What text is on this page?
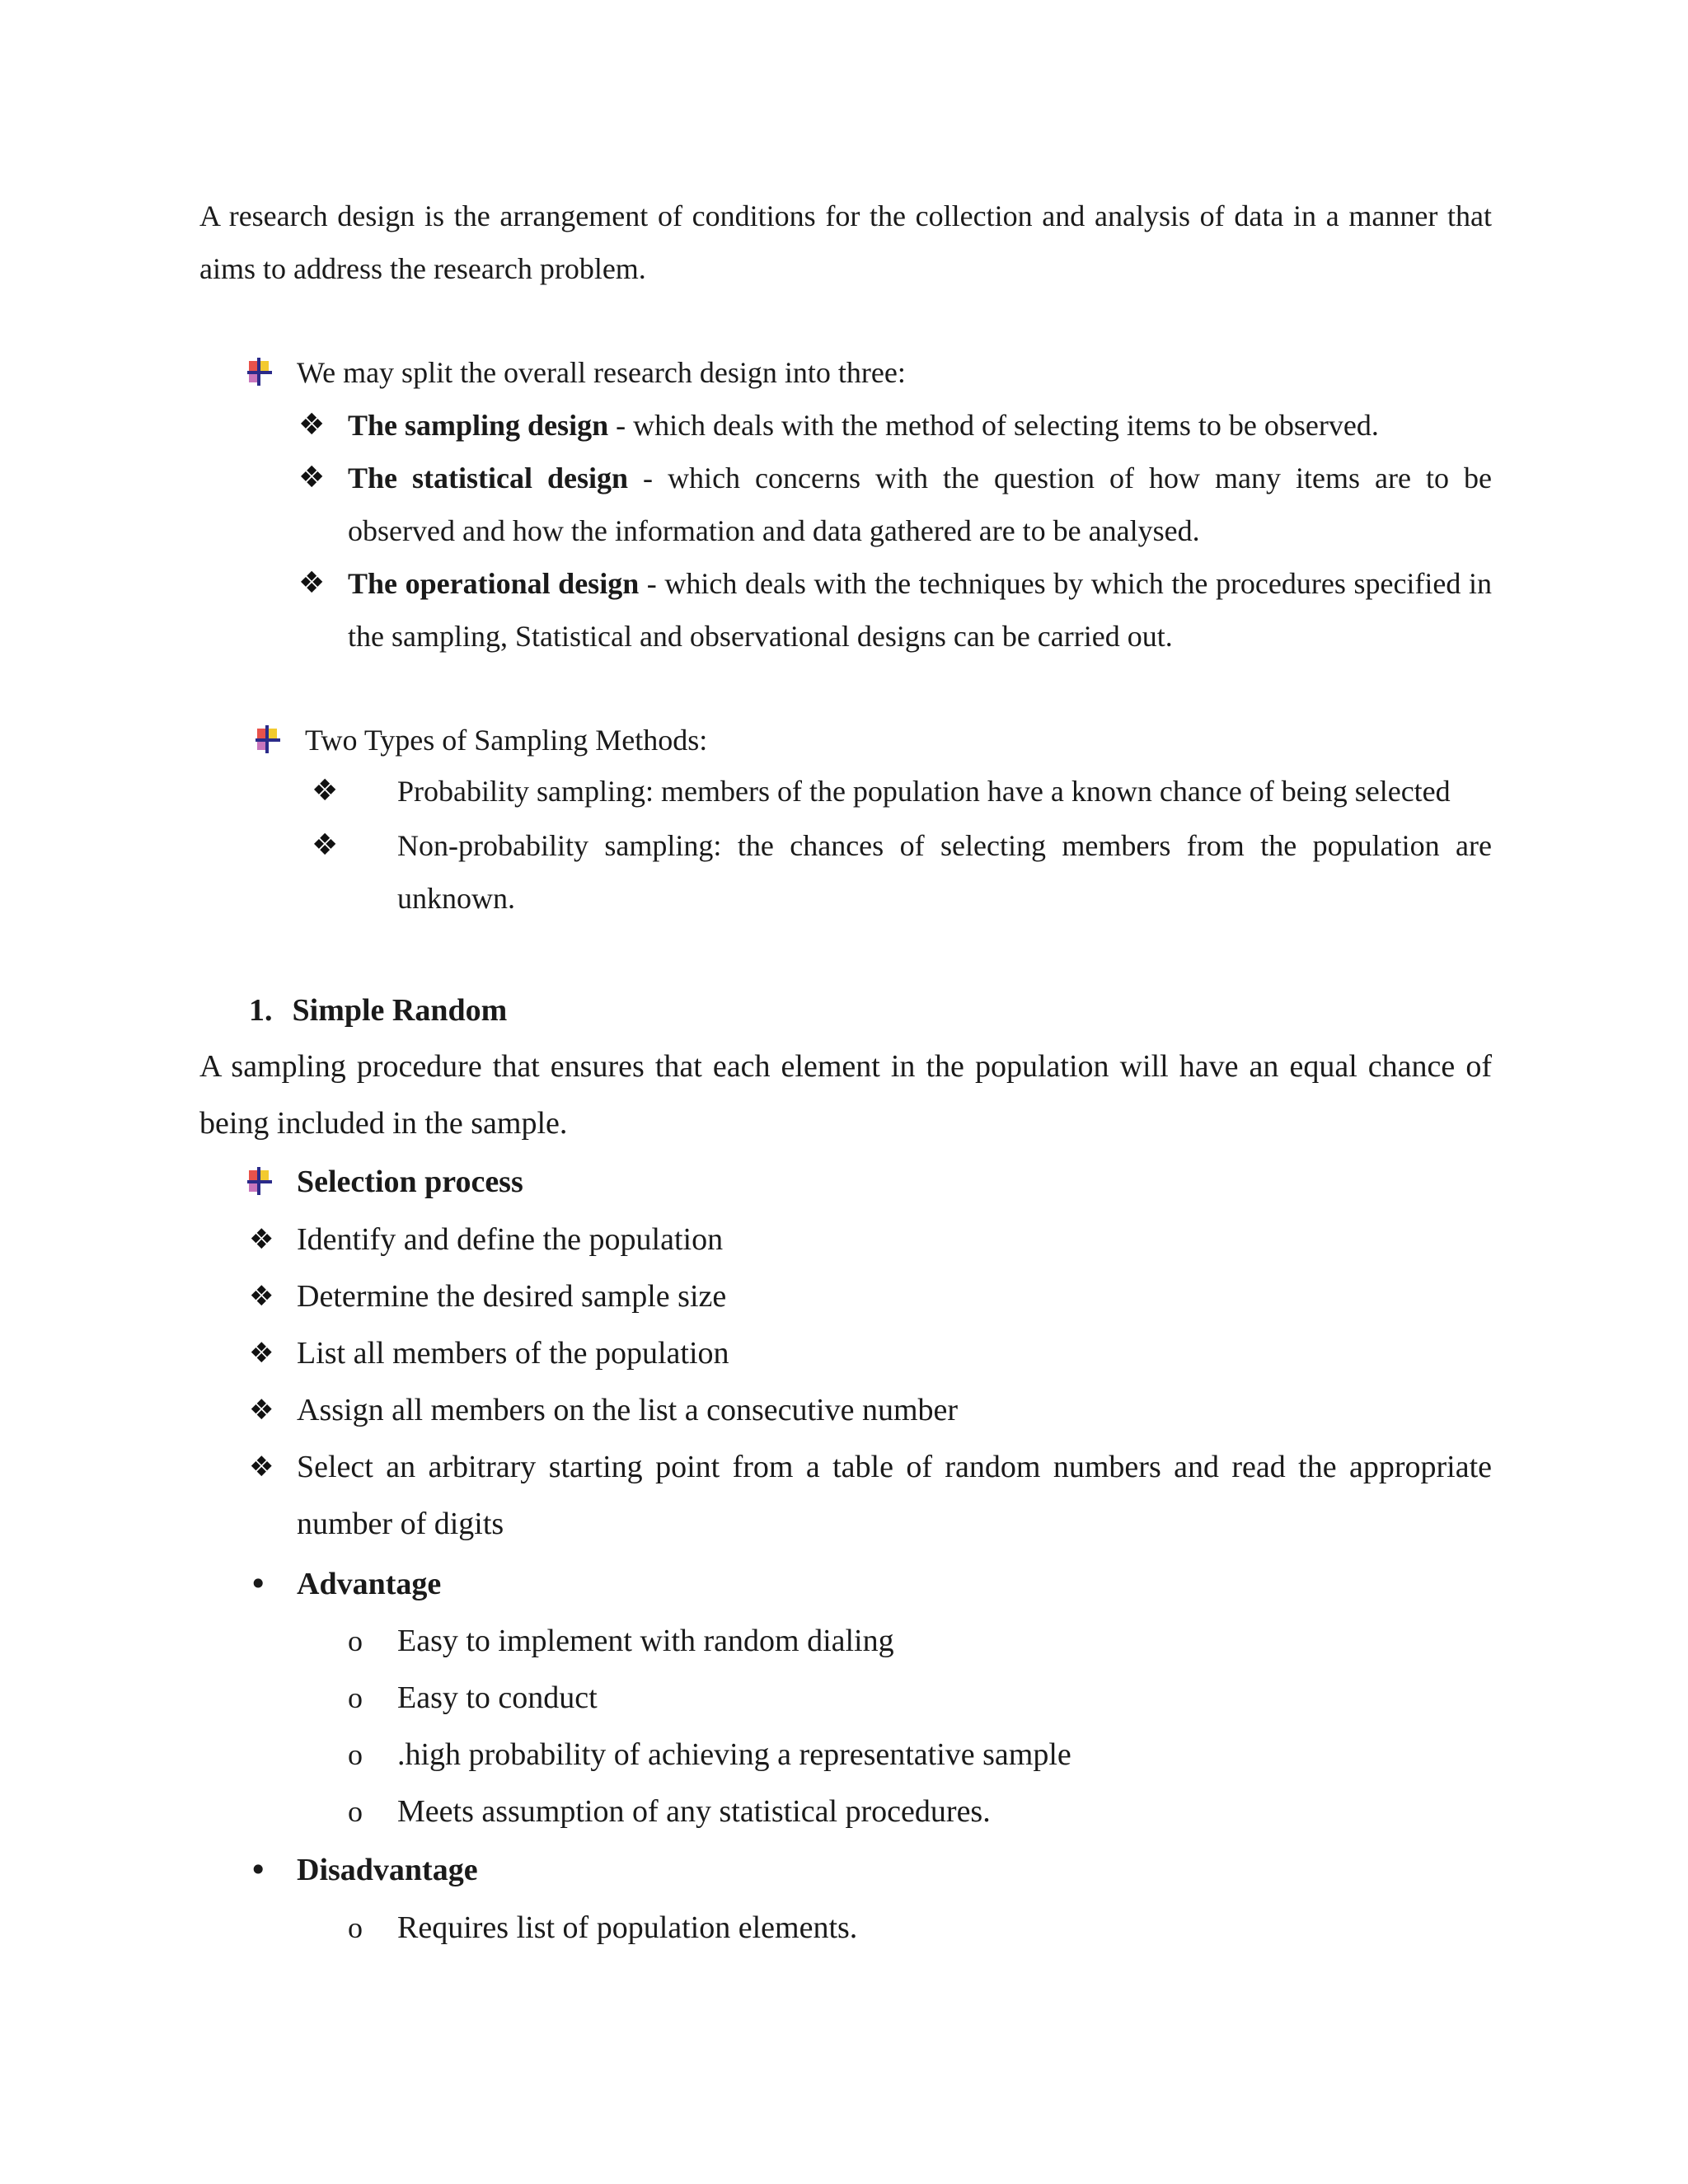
A research design is the arrangement of conditions for the collection and analysis of data in a manner that aims to address the research problem.

We may split the overall research design into three:
❖ The sampling design - which deals with the method of selecting items to be observed.
❖ The statistical design - which concerns with the question of how many items are to be observed and how the information and data gathered are to be analysed.
❖ The operational design - which deals with the techniques by which the procedures specified in the sampling, Statistical and observational designs can be carried out.
Two Types of Sampling Methods:
❖ Probability sampling: members of the population have a known chance of being selected
❖ Non-probability sampling: the chances of selecting members from the population are unknown.
1. Simple Random

A sampling procedure that ensures that each element in the population will have an equal chance of being included in the sample.

Selection process
❖ Identify and define the population
❖ Determine the desired sample size
❖ List all members of the population
❖ Assign all members on the list a consecutive number
❖ Select an arbitrary starting point from a table of random numbers and read the appropriate number of digits
• Advantage
o	Easy to implement with random dialing
o	Easy to conduct
o	.high probability of achieving a representative sample
o	Meets assumption of any statistical procedures.
• Disadvantage
o	Requires list of population elements.
